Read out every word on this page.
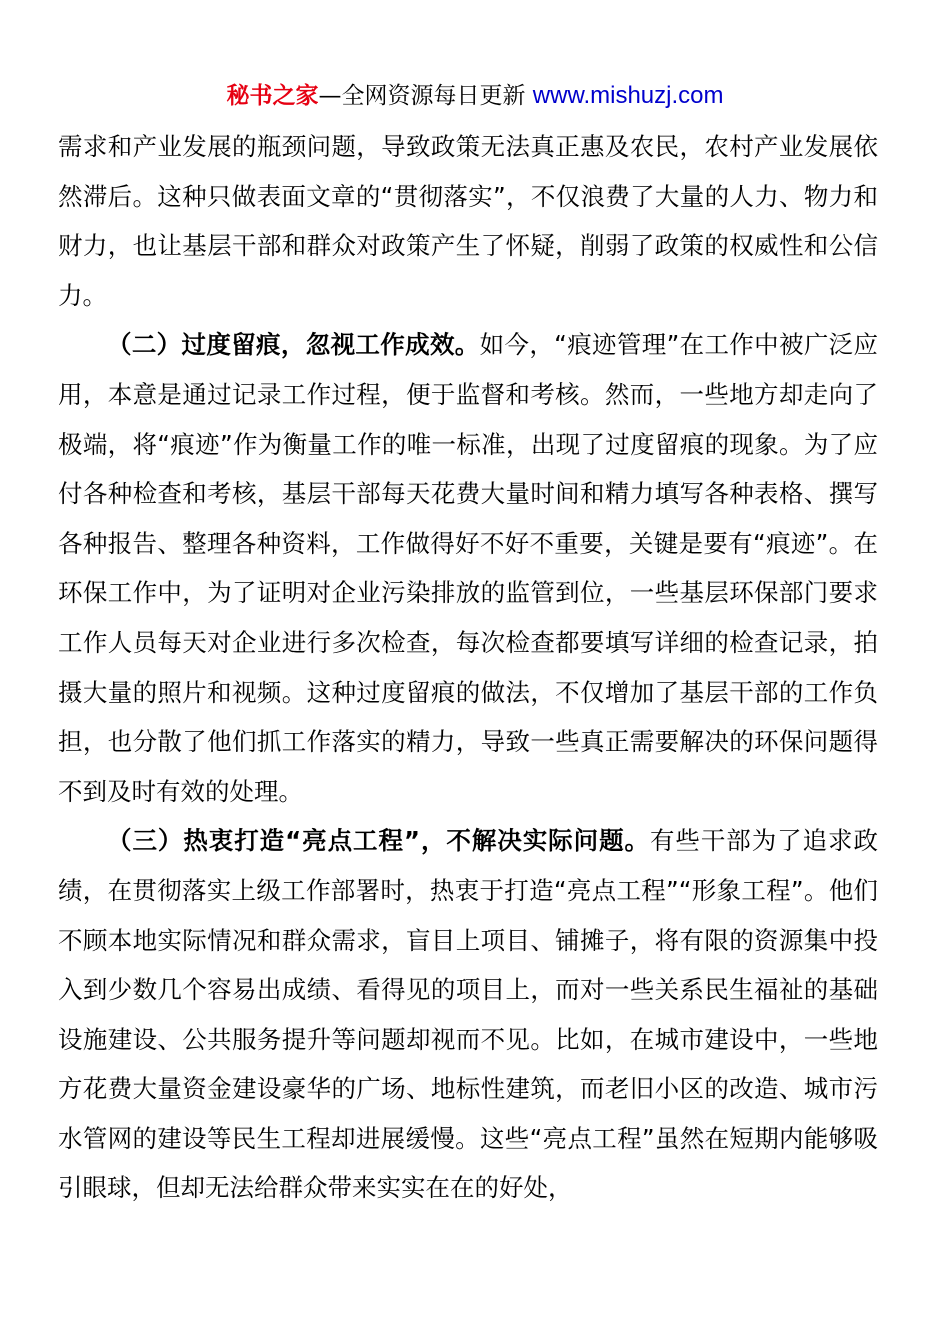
秘书之家—全网资源每日更新 www.mishuzj.com

需求和产业发展的瓶颈问题，导致政策无法真正惠及农民，农村产业发展依然滞后。这种只做表面文章的“贯彻落实”，不仅浪费了大量的人力、物力和财力，也让基层干部和群众对政策产生了怀疑，削弱了政策的权威性和公信力。

（二）过度留痕，忽视工作成效。如今，“痕迹管理”在工作中被广泛应用，本意是通过记录工作过程，便于监督和考核。然而，一些地方却走向了极端，将“痕迹”作为衡量工作的唯一标准，出现了过度留痕的现象。为了应付各种检查和考核，基层干部每天花费大量时间和精力填写各种表格、撰写各种报告、整理各种资料，工作做得好不好不重要，关键是要有“痕迹”。在环保工作中，为了证明对企业污染排放的监管到位，一些基层环保部门要求工作人员每天对企业进行多次检查，每次检查都要填写详细的检查记录，拍摄大量的照片和视频。这种过度留痕的做法，不仅增加了基层干部的工作负担，也分散了他们抓工作落实的精力，导致一些真正需要解决的环保问题得不到及时有效的处理。

（三）热衷打造“亮点工程”，不解决实际问题。有些干部为了追求政绩，在贯彻落实上级工作部署时，热衷于打造“亮点工程”“形象工程”。他们不顾本地实际情况和群众需求，盲目上项目、铺摊子，将有限的资源集中投入到少数几个容易出成绩、看得见的项目上，而对一些关系民生福祉的基础设施建设、公共服务提升等问题却视而不见。比如，在城市建设中，一些地方花费大量资金建设豪华的广场、地标性建筑，而老旧小区的改造、城市污水管网的建设等民生工程却进展缓慢。这些“亮点工程”虽然在短期内能够吸引眼球，但却无法给群众带来实实在在的好处，
